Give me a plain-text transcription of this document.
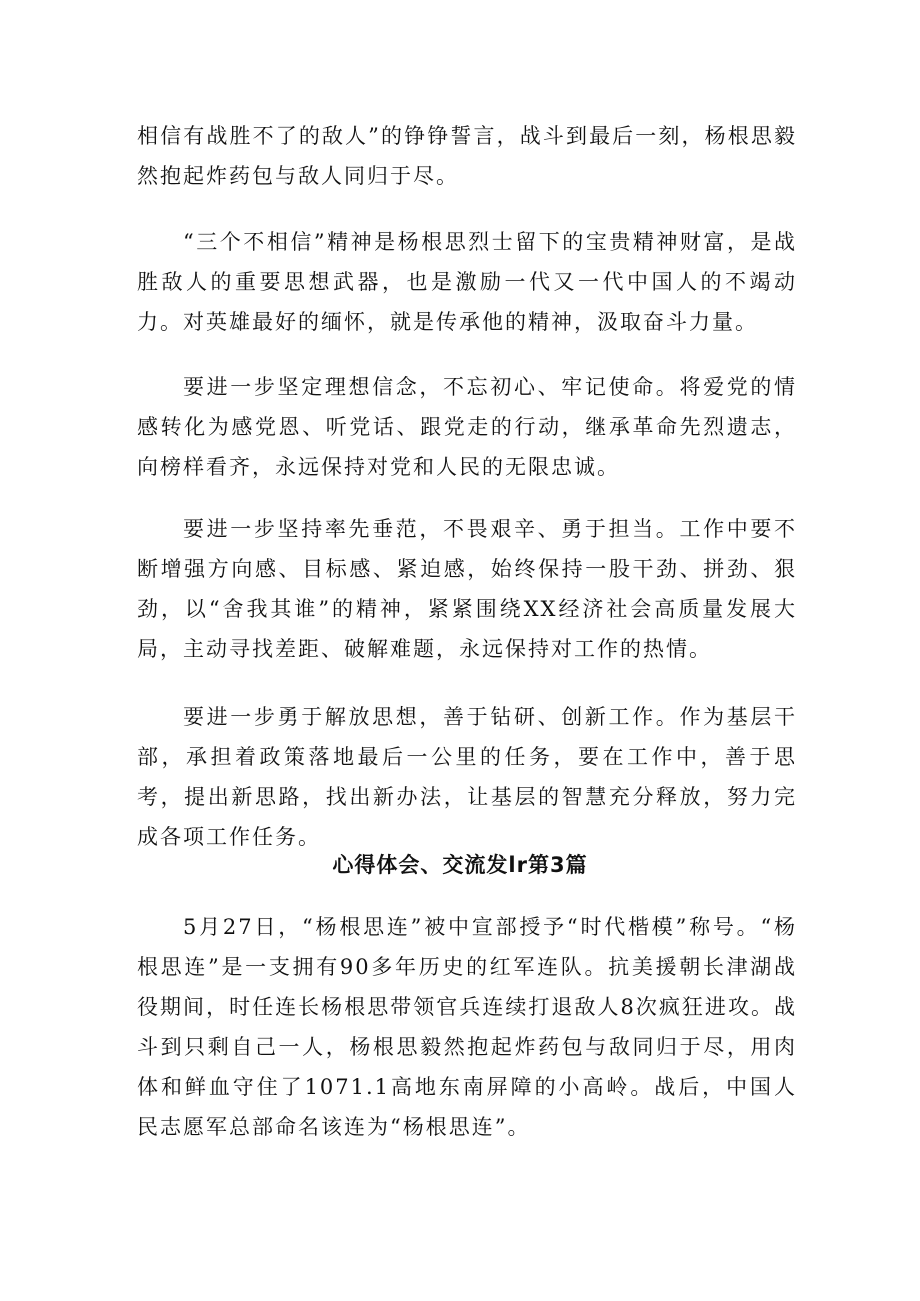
相信有战胜不了的敌人”的铮铮誓言，战斗到最后一刻，杨根思毅然抱起炸药包与敌人同归于尽。

“三个不相信”精神是杨根思烈士留下的宝贵精神财富，是战胜敌人的重要思想武器，也是激励一代又一代中国人的不竭动力。对英雄最好的缅怀，就是传承他的精神，汲取奋斗力量。

要进一步坚定理想信念，不忘初心、牢记使命。将爱党的情感转化为感党恩、听党话、跟党走的行动，继承革命先烈遗志，向榜样看齐，永远保持对党和人民的无限忠诚。

要进一步坚持率先垂范，不畏艰辛、勇于担当。工作中要不断增强方向感、目标感、紧迫感，始终保持一股干劲、拼劲、狠劲，以“舍我其谁”的精神，紧紧围绕XX经济社会高质量发展大局，主动寻找差距、破解难题，永远保持对工作的热情。

要进一步勇于解放思想，善于钻研、创新工作。作为基层干部，承担着政策落地最后一公里的任务，要在工作中，善于思考，提出新思路，找出新办法，让基层的智慧充分释放，努力完成各项工作任务。

心得体会、交流发lr第3篇

5月27日，“杨根思连”被中宣部授予“时代楷模”称号。“杨根思连”是一支拥有90多年历史的红军连队。抗美援朝长津湖战役期间，时任连长杨根思带领官兵连续打退敌人8次疯狂进攻。战斗到只剩自己一人，杨根思毅然抱起炸药包与敌同归于尽，用肉体和鲜血守住了1071.1高地东南屏障的小高岭。战后，中国人民志愿军总部命名该连为“杨根思连”。
